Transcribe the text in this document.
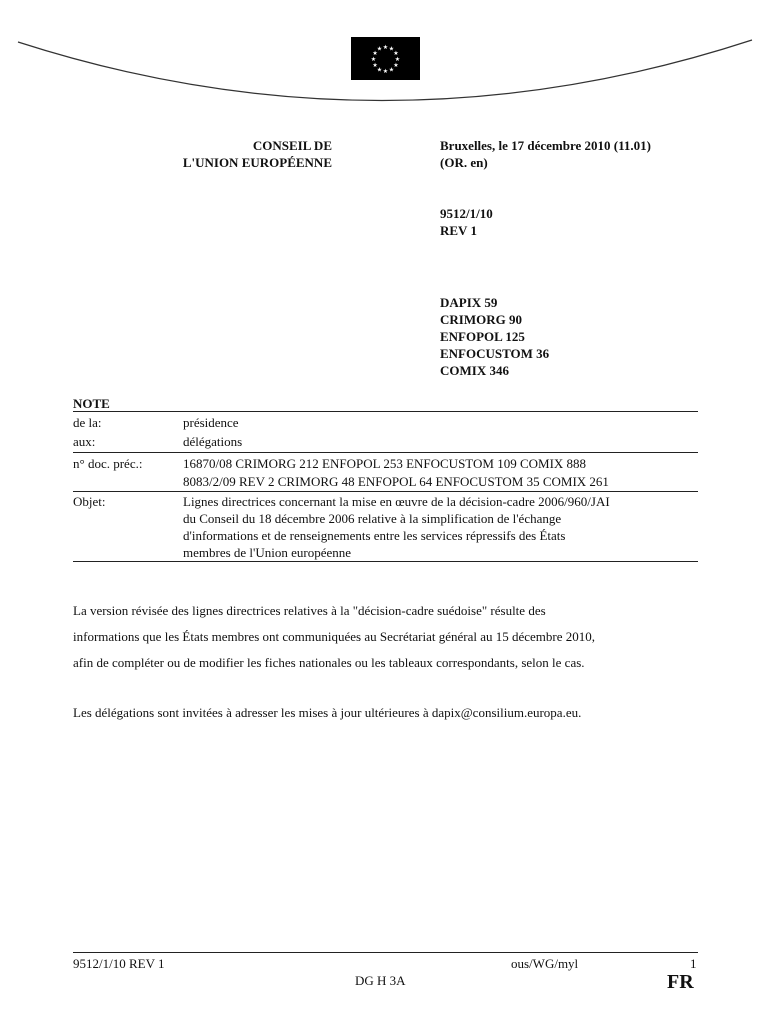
★ ★
★
★
★
★
★
★
★
★
★
★
CONSEIL DE
L'UNION EUROPÉENNE
Bruxelles, le 17 décembre 2010 (11.01)
(OR. en)
9512/1/10
REV 1
DAPIX 59
CRIMORG 90
ENFOPOL 125
ENFOCUSTOM 36
COMIX 346
NOTE
de la:	présidence
aux:	délégations
n° doc. préc.:	16870/08 CRIMORG 212 ENFOPOL 253 ENFOCUSTOM 109 COMIX 888
8083/2/09 REV 2 CRIMORG 48 ENFOPOL 64 ENFOCUSTOM 35 COMIX 261
Objet:	Lignes directrices concernant la mise en œuvre de la décision-cadre 2006/960/JAI
du Conseil du 18 décembre 2006 relative à la simplification de l'échange
d'informations et de renseignements entre les services répressifs des États
membres de l'Union européenne
La version révisée des lignes directrices relatives à la "décision-cadre suédoise" résulte des
informations que les États membres ont communiquées au Secrétariat général au 15 décembre 2010,
afin de compléter ou de modifier les fiches nationales ou les tableaux correspondants, selon le cas.
Les délégations sont invitées à adresser les mises à jour ultérieures à dapix@consilium.europa.eu.
9512/1/10 REV 1	ous/WG/myl	1
DG H 3A	FR
